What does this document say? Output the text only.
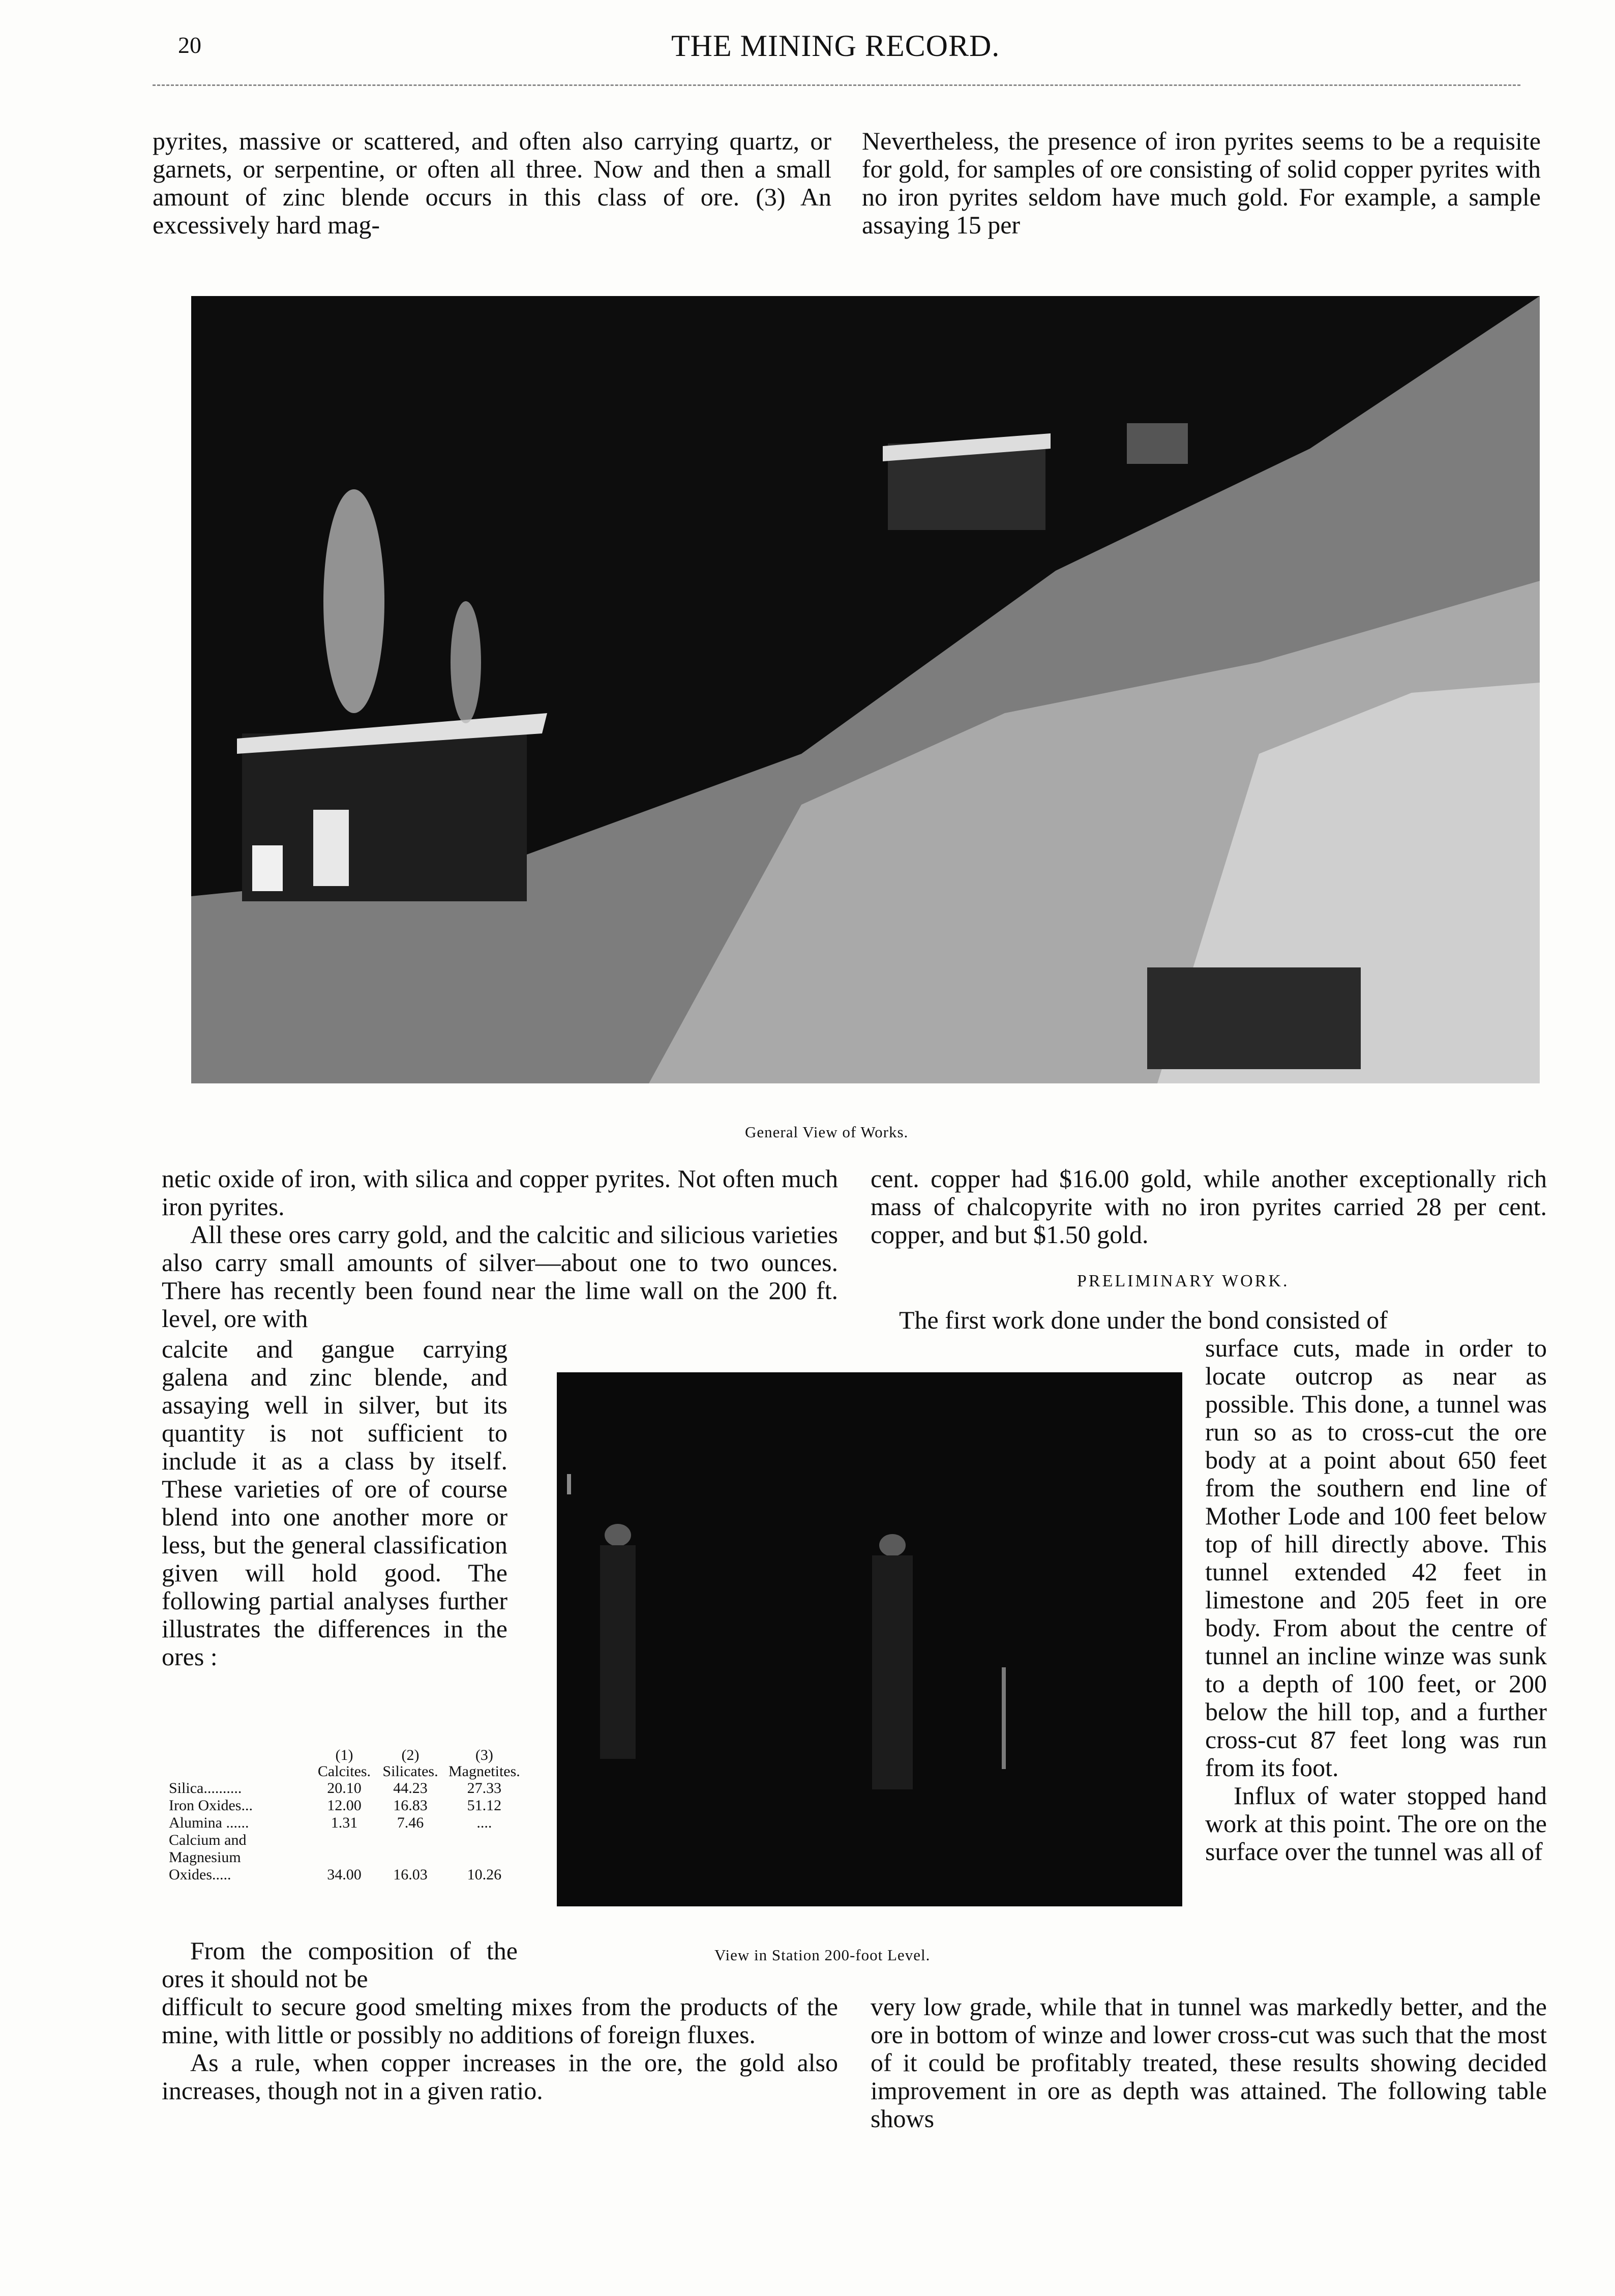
20	THE MINING RECORD.

pyrites, massive or scattered, and often also carrying quartz, or garnets, or serpentine, or often all three. Now and then a small amount of zinc blende occurs in this class of ore. (3) An excessively hard mag-

Nevertheless, the presence of iron pyrites seems to be a requisite for gold, for samples of ore consisting of solid copper pyrites with no iron pyrites seldom have much gold. For example, a sample assaying 15 per

General View of Works.

netic oxide of iron, with silica and copper pyrites. Not often much iron pyrites.

All these ores carry gold, and the calcitic and silicious varieties also carry small amounts of silver—about one to two ounces. There has recently been found near the lime wall on the 200 ft. level, ore with

calcite and gangue carrying galena and zinc blende, and assaying well in silver, but its quantity is not sufficient to include it as a class by itself. These varieties of ore of course blend into one another more or less, but the general classification given will hold good. The following partial analyses further illustrates the differences in the ores :

	(1)	(2)	(3)
	Calcites.	Silicates.	Magnetites.
Silica..........	20.10	44.23	27.33
Iron Oxides...	12.00	16.83	51.12
Alumina ......	1.31	7.46	....
Calcium and Magnesium Oxides.....	34.00	16.03	10.26
View in Station 200-foot Level.

From the composition of the ores it should not be

difficult to secure good smelting mixes from the products of the mine, with little or possibly no additions of foreign fluxes.

As a rule, when copper increases in the ore, the gold also increases, though not in a given ratio.

cent. copper had $16.00 gold, while another exceptionally rich mass of chalcopyrite with no iron pyrites carried 28 per cent. copper, and but $1.50 gold.

PRELIMINARY WORK.

The first work done under the bond consisted of

surface cuts, made in order to locate outcrop as near as possible. This done, a tunnel was run so as to cross-cut the ore body at a point about 650 feet from the southern end line of Mother Lode and 100 feet below top of hill directly above. This tunnel extended 42 feet in limestone and 205 feet in ore body. From about the centre of tunnel an incline winze was sunk to a depth of 100 feet, or 200 below the hill top, and a further cross-cut 87 feet long was run from its foot.

Influx of water stopped hand work at this point. The ore on the surface over the tunnel was all of

very low grade, while that in tunnel was markedly better, and the ore in bottom of winze and lower cross-cut was such that the most of it could be profitably treated, these results showing decided improvement in ore as depth was attained. The following table shows
